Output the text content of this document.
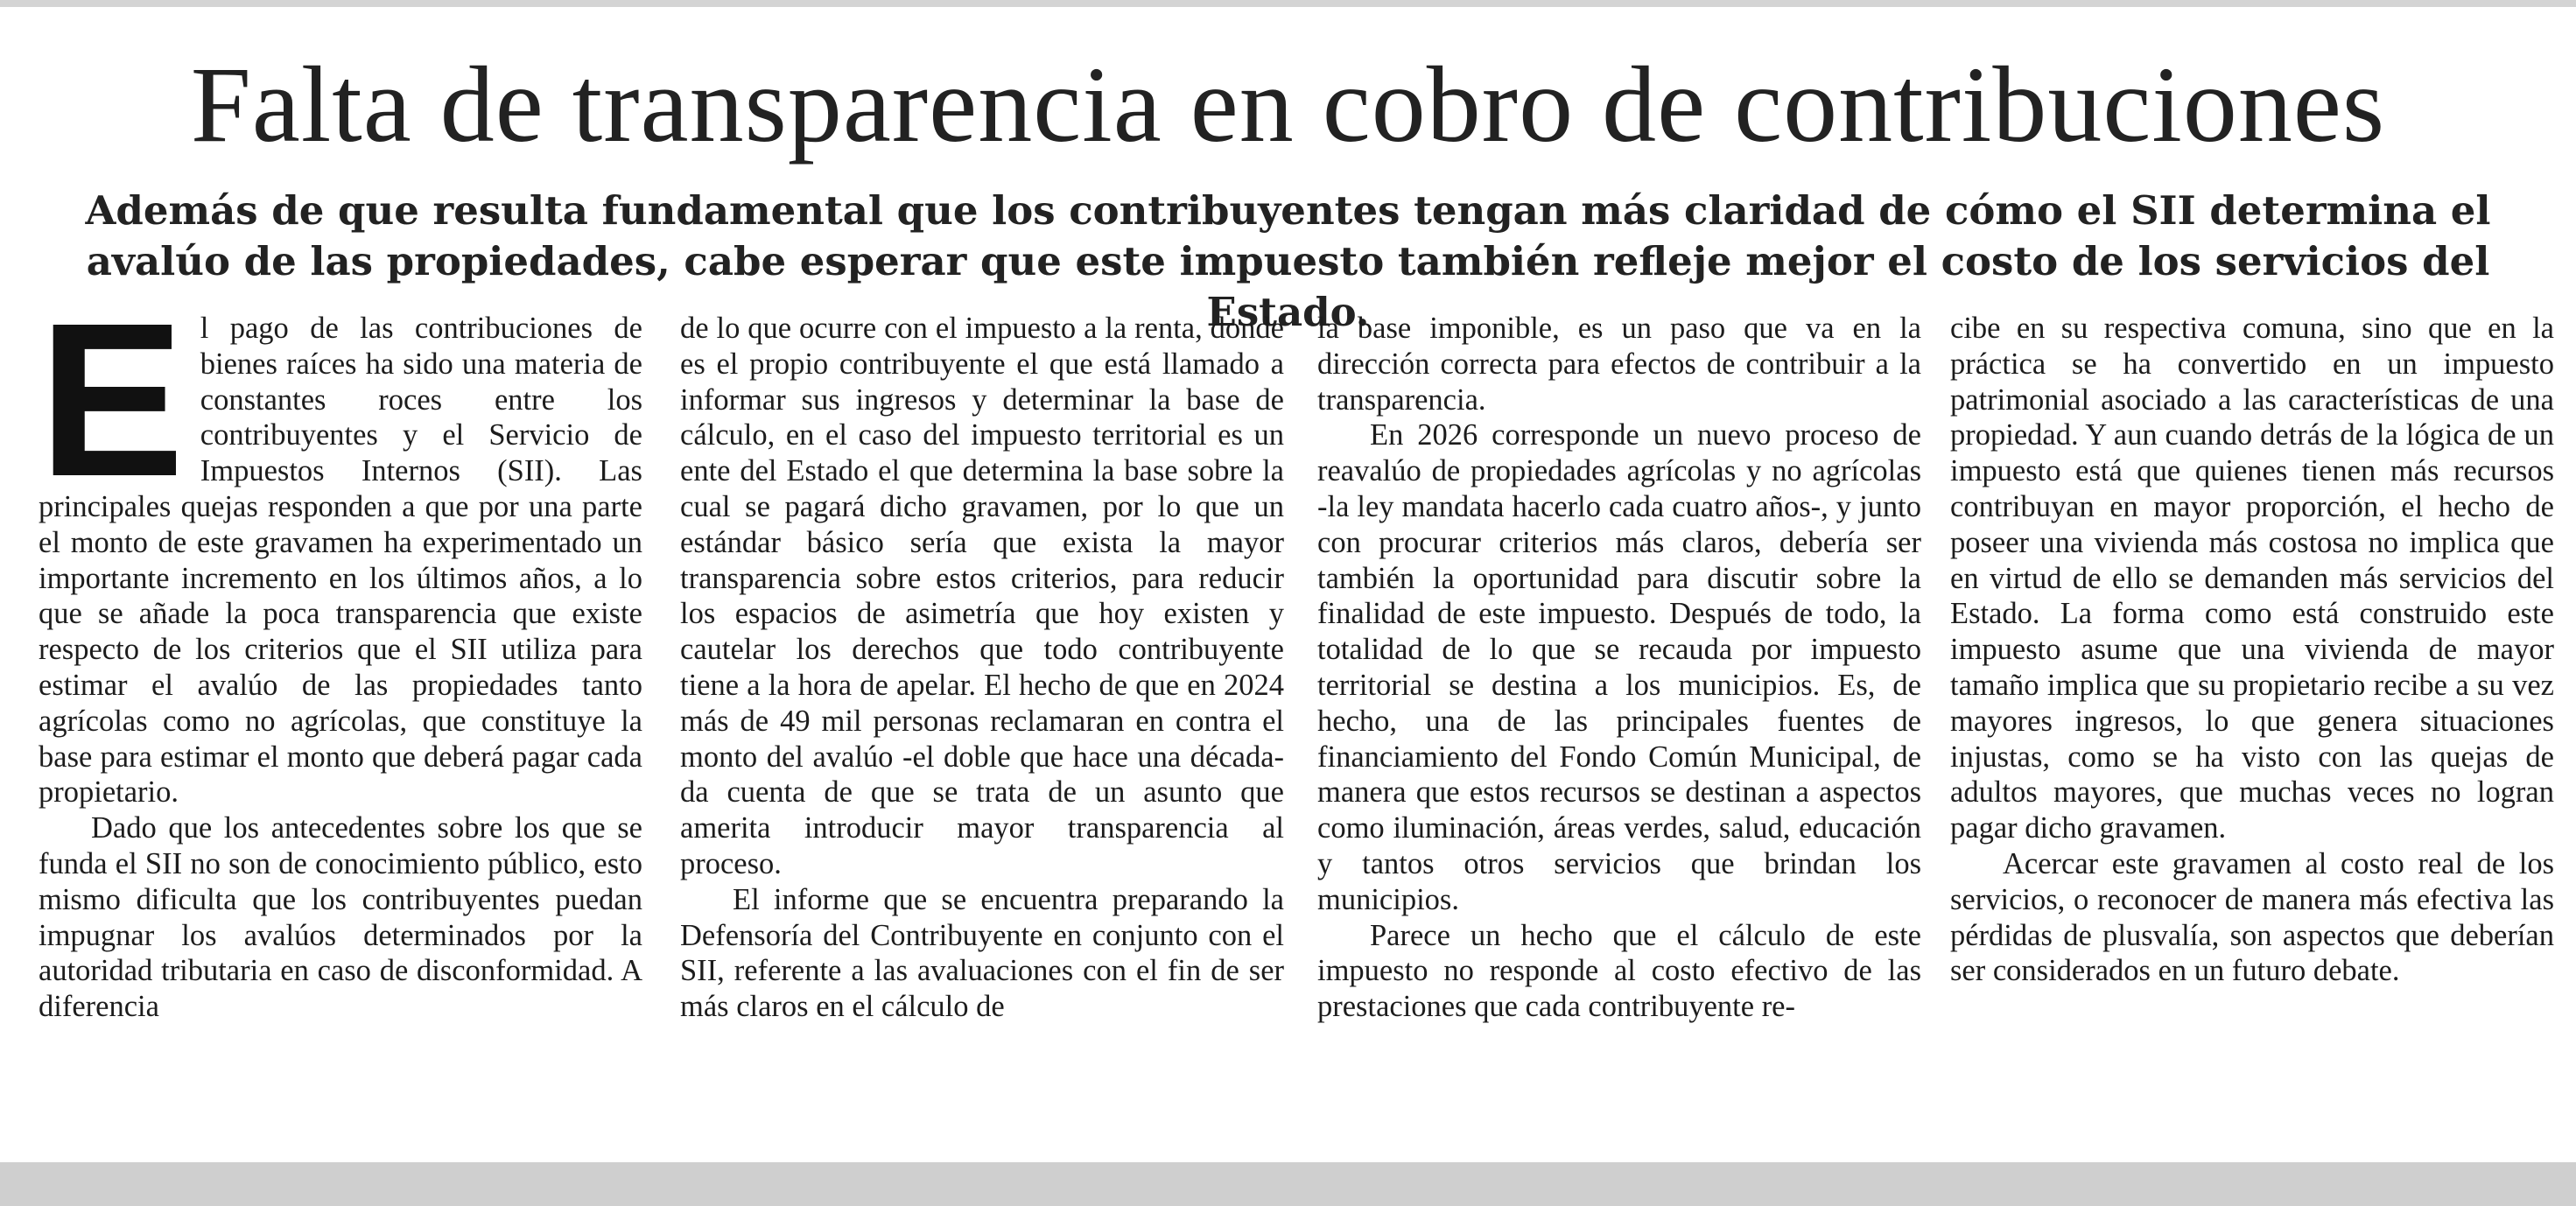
Falta de transparencia en cobro de contribuciones
Además de que resulta fundamental que los contribuyentes tengan más claridad de cómo el SII determina el avalúo de las propiedades, cabe esperar que este impuesto también refleje mejor el costo de los servicios del Estado.

El pago de las contribuciones de bienes raíces ha sido una materia de constantes roces entre los contribuyentes y el Servicio de Impuestos Internos (SII). Las principales quejas responden a que por una parte el monto de este gravamen ha experimentado un importante incremento en los últimos años, a lo que se añade la poca transparencia que existe respecto de los criterios que el SII utiliza para estimar el avalúo de las propiedades tanto agrícolas como no agrícolas, que constituye la base para estimar el monto que deberá pagar cada propietario.

Dado que los antecedentes sobre los que se funda el SII no son de conocimiento público, esto mismo dificulta que los contribuyentes puedan impugnar los avalúos determinados por la autoridad tributaria en caso de disconformidad. A diferencia

de lo que ocurre con el impuesto a la renta, donde es el propio contribuyente el que está llamado a informar sus ingresos y determinar la base de cálculo, en el caso del impuesto territorial es un ente del Estado el que determina la base sobre la cual se pagará dicho gravamen, por lo que un estándar básico sería que exista la mayor transparencia sobre estos criterios, para reducir los espacios de asimetría que hoy existen y cautelar los derechos que todo contribuyente tiene a la hora de apelar. El hecho de que en 2024 más de 49 mil personas reclamaran en contra el monto del avalúo -el doble que hace una década- da cuenta de que se trata de un asunto que amerita introducir mayor transparencia al proceso.

El informe que se encuentra preparando la Defensoría del Contribuyente en conjunto con el SII, referente a las avaluaciones con el fin de ser más claros en el cálculo de

la base imponible, es un paso que va en la dirección correcta para efectos de contribuir a la transparencia.

En 2026 corresponde un nuevo proceso de reavalúo de propiedades agrícolas y no agrícolas -la ley mandata hacerlo cada cuatro años-, y junto con procurar criterios más claros, debería ser también la oportunidad para discutir sobre la finalidad de este impuesto. Después de todo, la totalidad de lo que se recauda por impuesto territorial se destina a los municipios. Es, de hecho, una de las principales fuentes de financiamiento del Fondo Común Municipal, de manera que estos recursos se destinan a aspectos como iluminación, áreas verdes, salud, educación y tantos otros servicios que brindan los municipios.

Parece un hecho que el cálculo de este impuesto no responde al costo efectivo de las prestaciones que cada contribuyente re-

cibe en su respectiva comuna, sino que en la práctica se ha convertido en un impuesto patrimonial asociado a las características de una propiedad. Y aun cuando detrás de la lógica de un impuesto está que quienes tienen más recursos contribuyan en mayor proporción, el hecho de poseer una vivienda más costosa no implica que en virtud de ello se demanden más servicios del Estado. La forma como está construido este impuesto asume que una vivienda de mayor tamaño implica que su propietario recibe a su vez mayores ingresos, lo que genera situaciones injustas, como se ha visto con las quejas de adultos mayores, que muchas veces no logran pagar dicho gravamen.

Acercar este gravamen al costo real de los servicios, o reconocer de manera más efectiva las pérdidas de plusvalía, son aspectos que deberían ser considerados en un futuro debate.
